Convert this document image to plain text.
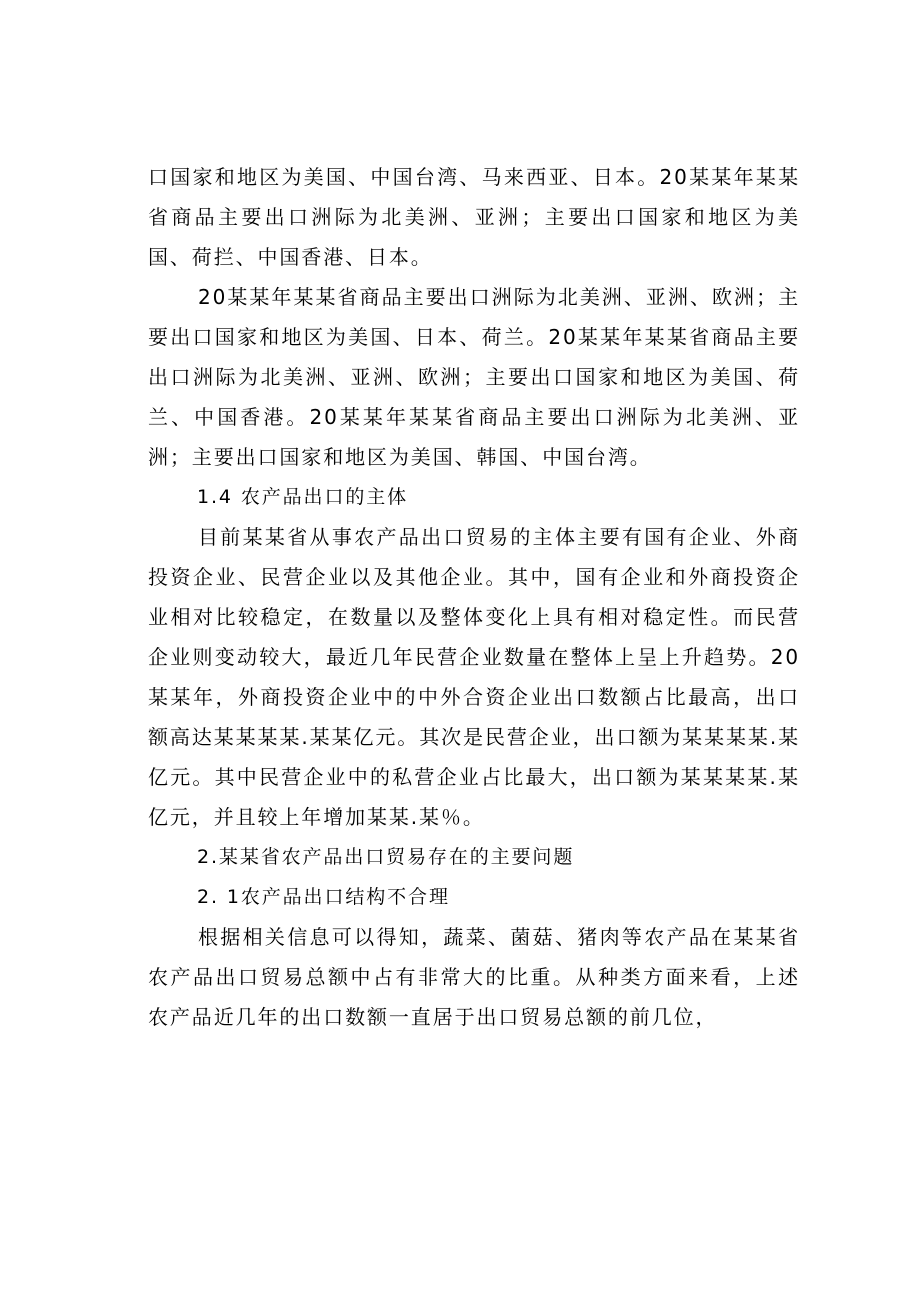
口国家和地区为美国、中国台湾、马来西亚、日本。20某某年某某省商品主要出口洲际为北美洲、亚洲；主要出口国家和地区为美国、荷拦、中国香港、日本。

20某某年某某省商品主要出口洲际为北美洲、亚洲、欧洲；主要出口国家和地区为美国、日本、荷兰。20某某年某某省商品主要出口洲际为北美洲、亚洲、欧洲；主要出口国家和地区为美国、荷兰、中国香港。20某某年某某省商品主要出口洲际为北美洲、亚洲；主要出口国家和地区为美国、韩国、中国台湾。

1.4 农产品出口的主体

目前某某省从事农产品出口贸易的主体主要有国有企业、外商投资企业、民营企业以及其他企业。其中，国有企业和外商投资企业相对比较稳定，在数量以及整体变化上具有相对稳定性。而民营企业则变动较大，最近几年民营企业数量在整体上呈上升趋势。20某某年，外商投资企业中的中外合资企业出口数额占比最高，出口额高达某某某某.某某亿元。其次是民营企业，出口额为某某某某.某亿元。其中民营企业中的私营企业占比最大，出口额为某某某某.某亿元，并且较上年增加某某.某％。

2.某某省农产品出口贸易存在的主要问题

2. 1农产品出口结构不合理

根据相关信息可以得知，蔬菜、菌菇、猪肉等农产品在某某省农产品出口贸易总额中占有非常大的比重。从种类方面来看，上述农产品近几年的出口数额一直居于出口贸易总额的前几位，
